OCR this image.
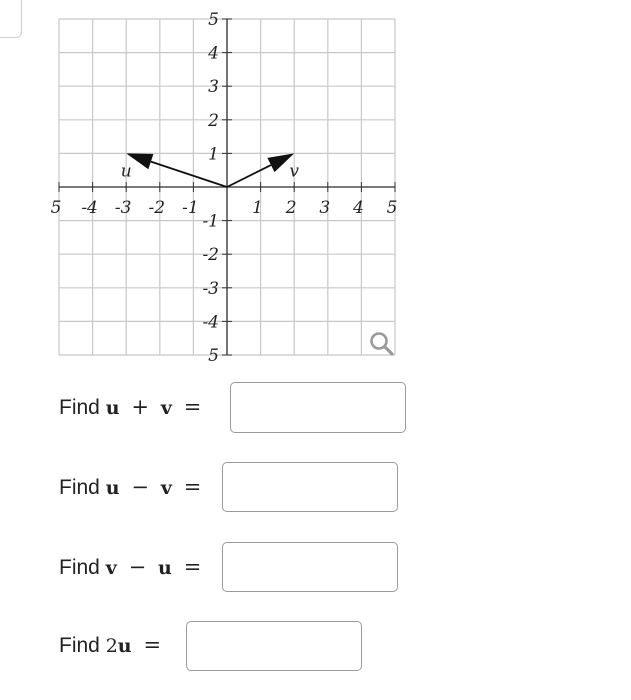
5 -4 -3 -2 -1	1 2 3 4 5
5
4
3
2
1
-1
-2
-3
-4
5
u	v
Find u + v =
Find u − v =
Find v − u =
Find 2u =
